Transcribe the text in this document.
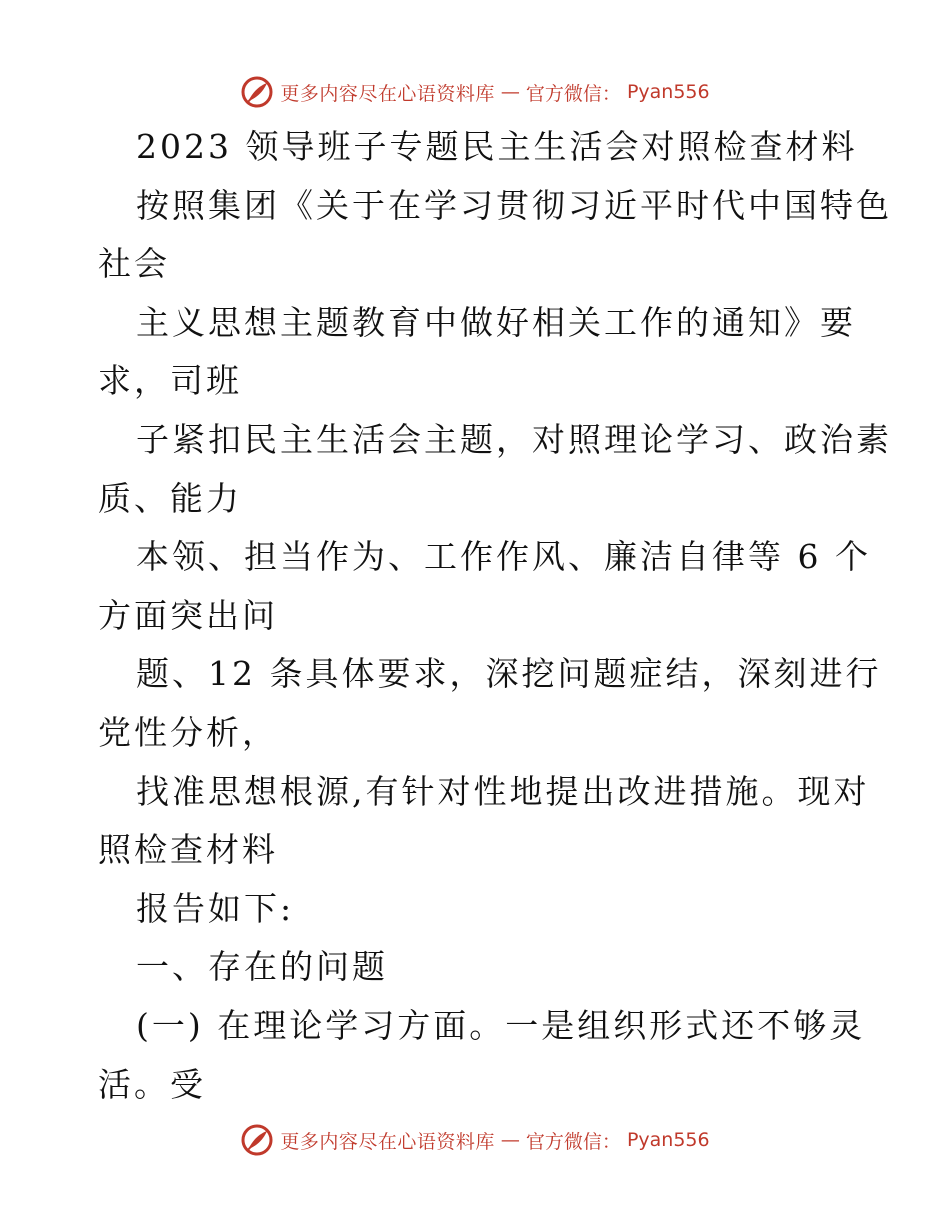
更多内容尽在心语资料库 — 官方微信： Pyan556
2023 领导班子专题民主生活会对照检查材料
按照集团《关于在学习贯彻习近平时代中国特色
社会
主义思想主题教育中做好相关工作的通知》要
求，司班
子紧扣民主生活会主题，对照理论学习、政治素
质、能力
本领、担当作为、工作作风、廉洁自律等 6 个
方面突出问
题、12 条具体要求，深挖问题症结，深刻进行
党性分析，
找准思想根源,有针对性地提出改进措施。现对
照检查材料
报告如下:
一、存在的问题
(一) 在理论学习方面。一是组织形式还不够灵
活。受
更多内容尽在心语资料库 — 官方微信： Pyan556
